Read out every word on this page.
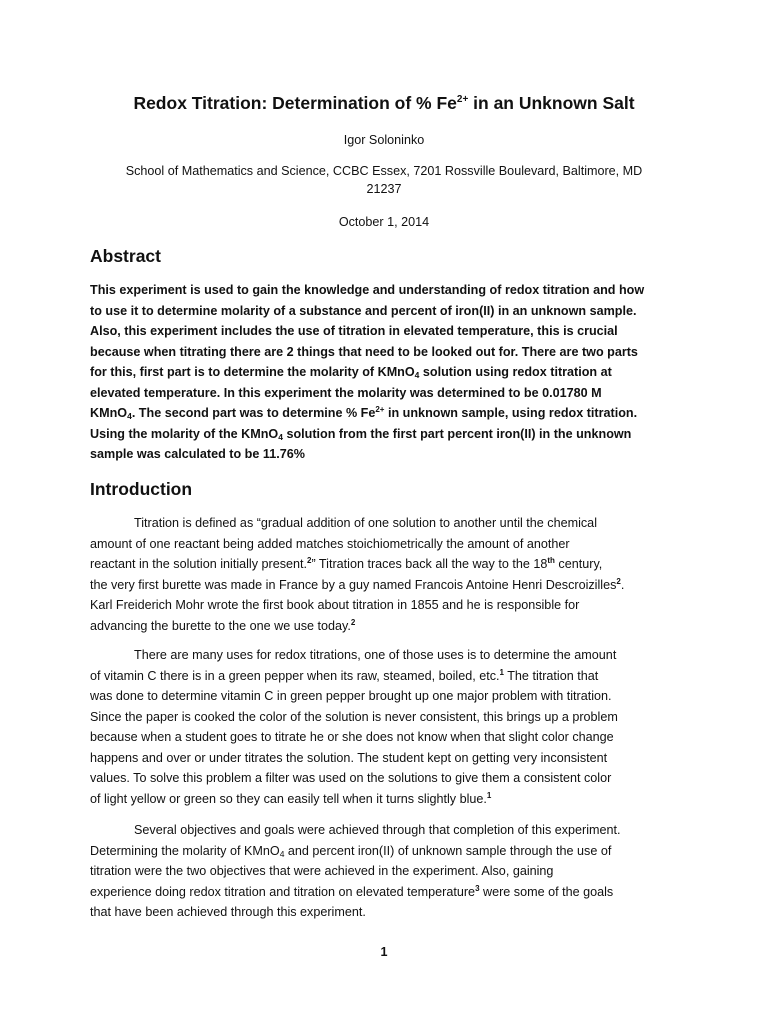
Redox Titration: Determination of % $Fe^{2+}$ in an Unknown Salt
Igor Soloninko
School of Mathematics and Science, CCBC Essex, 7201 Rossville Boulevard, Baltimore, MD
21237
October 1, 2014
Abstract
This experiment is used to gain the knowledge and understanding of redox titration and how
to use it to determine molarity of a substance and percent of iron(II) in an unknown sample.
Also, this experiment includes the use of titration in elevated temperature, this is crucial
because when titrating there are 2 things that need to be looked out for. There are two parts
for this, first part is to determine the molarity of KMnO$_4$ solution using redox titration at
elevated temperature. In this experiment the molarity was determined to be 0.01780 M
KMnO$_4$. The second part was to determine % $Fe^{2+}$ in unknown sample, using redox titration.
Using the molarity of the KMnO$_4$ solution from the first part percent iron(II) in the unknown
sample was calculated to be 11.76%
Introduction
Titration is defined as “gradual addition of one solution to another until the chemical
amount of one reactant being added matches stoichiometrically the amount of another
reactant in the solution initially present.$^2$” Titration traces back all the way to the 18th century,
the very first burette was made in France by a guy named Francois Antoine Henri Descroizilles$^2$.
Karl Freiderich Mohr wrote the first book about titration in 1855 and he is responsible for
advancing the burette to the one we use today.$^2$
There are many uses for redox titrations, one of those uses is to determine the amount
of vitamin C there is in a green pepper when its raw, steamed, boiled, etc.$^1$ The titration that
was done to determine vitamin C in green pepper brought up one major problem with titration.
Since the paper is cooked the color of the solution is never consistent, this brings up a problem
because when a student goes to titrate he or she does not know when that slight color change
happens and over or under titrates the solution. The student kept on getting very inconsistent
values. To solve this problem a filter was used on the solutions to give them a consistent color
of light yellow or green so they can easily tell when it turns slightly blue.$^1$
Several objectives and goals were achieved through that completion of this experiment.
Determining the molarity of KMnO$_4$ and percent iron(II) of unknown sample through the use of
titration were the two objectives that were achieved in the experiment. Also, gaining
experience doing redox titration and titration on elevated temperature$^3$ were some of the goals
that have been achieved through this experiment.
1
